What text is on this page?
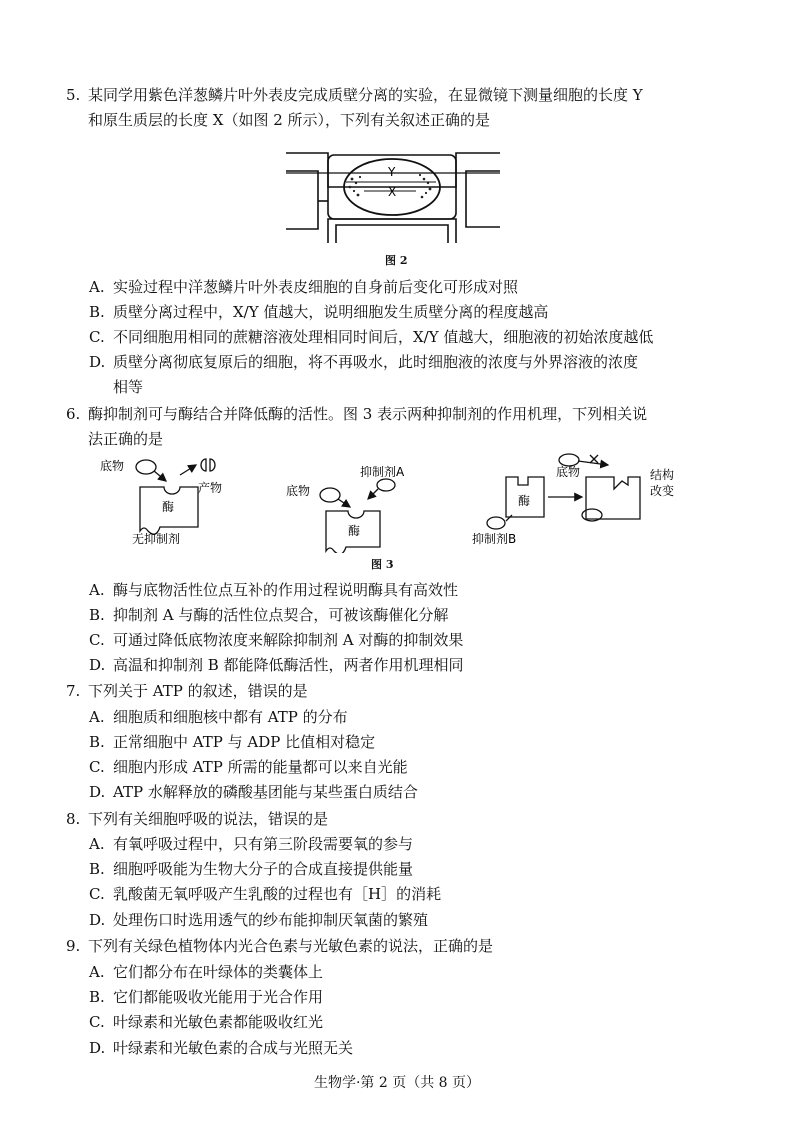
5. 某同学用紫色洋葱鳞片叶外表皮完成质壁分离的实验，在显微镜下测量细胞的长度 Y
和原生质层的长度 X（如图 2 所示），下列有关叙述正确的是
Y
X
图 2
A. 实验过程中洋葱鳞片叶外表皮细胞的自身前后变化可形成对照
B. 质壁分离过程中，X/Y 值越大，说明细胞发生质壁分离的程度越高
C. 不同细胞用相同的蔗糖溶液处理相同时间后，X/Y 值越大，细胞液的初始浓度越低
D. 质壁分离彻底复原后的细胞，将不再吸水，此时细胞液的浓度与外界溶液的浓度
相等
6. 酶抑制剂可与酶结合并降低酶的活性。图 3 表示两种抑制剂的作用机理，下列相关说
法正确的是
底物
产物
酶
无抑制剂
底物
抑制剂A
酶
酶
底物
抑制剂B
结构
改变
图 3
A. 酶与底物活性位点互补的作用过程说明酶具有高效性
B. 抑制剂 A 与酶的活性位点契合，可被该酶催化分解
C. 可通过降低底物浓度来解除抑制剂 A 对酶的抑制效果
D. 高温和抑制剂 B 都能降低酶活性，两者作用机理相同
7. 下列关于 ATP 的叙述，错误的是
A. 细胞质和细胞核中都有 ATP 的分布
B. 正常细胞中 ATP 与 ADP 比值相对稳定
C. 细胞内形成 ATP 所需的能量都可以来自光能
D. ATP 水解释放的磷酸基团能与某些蛋白质结合
8. 下列有关细胞呼吸的说法，错误的是
A. 有氧呼吸过程中，只有第三阶段需要氧的参与
B. 细胞呼吸能为生物大分子的合成直接提供能量
C. 乳酸菌无氧呼吸产生乳酸的过程也有［H］的消耗
D. 处理伤口时选用透气的纱布能抑制厌氧菌的繁殖
9. 下列有关绿色植物体内光合色素与光敏色素的说法，正确的是
A. 它们都分布在叶绿体的类囊体上
B. 它们都能吸收光能用于光合作用
C. 叶绿素和光敏色素都能吸收红光
D. 叶绿素和光敏色素的合成与光照无关
生物学·第 2 页（共 8 页）
